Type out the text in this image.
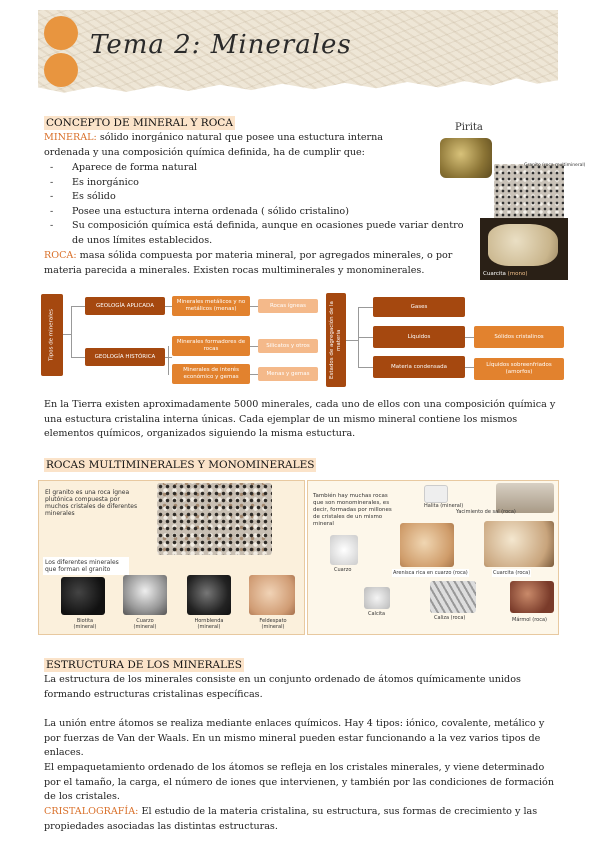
Tema 2: Minerales
CONCEPTO DE MINERAL Y ROCA
MINERAL: sólido inorgánico natural que posee una estuctura interna ordenada y una composición química definida, ha de cumplir que:
- Aparece de forma natural
- Es inorgánico
- Es sólido
- Posee una estuctura interna ordenada ( sólido cristalino)
- Su composición química está definida, aunque en ocasiones puede variar dentro de unos límites establecidos.
ROCA: masa sólida compuesta por materia mineral, por agregados minerales, o por materia parecida a minerales. Existen rocas multiminerales y monominerales.
Pirita
Granito (roca multimineral)
Cuarcita (mono)
Tipos de minerales
GEOLOGÍA APLICADA
GEOLOGÍA HISTÓRICA
Minerales metálicos y no metálicos (menas)
Minerales formadores de rocas
Minerales de interés económico y gemas
Rocas ígneas
Silicatos y otros
Menas y gemas	Estados de agregación de la materia
Gases
Líquidos
Materia condensada
Sólidos cristalinos
Líquidos sobreenfriados (amorfos)
En la Tierra existen aproximadamente 5000 minerales, cada uno de ellos con una composición química y una estuctura cristalina interna únicas. Cada ejemplar de un mismo mineral contiene los mismos elementos químicos, organizados siguiendo la misma estuctura.
ROCAS MULTIMINERALES Y MONOMINERALES
El granito es una roca ígnea plutónica compuesta por muchos cristales de diferentes minerales
Los diferentes minerales que forman el granito
Biotita
(mineral)
Cuarzo
(mineral)
Hornblenda
(mineral)
Feldespato
(mineral)
También hay muchas rocas que son monominerales, es decir, formadas por millones de cristales de un mismo mineral
Halita (mineral)
Yacimiento de sal (roca)
Cuarzo	Arenisca rica en cuarzo (roca)	Cuarcita (roca)
Calcita
Caliza (roca)	Mármol (roca)
ESTRUCTURA DE LOS MINERALES
La estructura de los minerales consiste en un conjunto ordenado de átomos químicamente unidos formando estructuras cristalinas específicas.
La unión entre átomos se realiza mediante enlaces químicos. Hay 4 tipos: iónico, covalente, metálico y por fuerzas de Van der Waals. En un mismo mineral pueden estar funcionando a la vez varios tipos de enlaces.
El empaquetamiento ordenado de los átomos se refleja en los cristales minerales, y viene determinado por el tamaño, la carga, el número de iones que intervienen, y también por las condiciones de formación de los cristales.
CRISTALOGRAFÍA: El estudio de la materia cristalina, su estructura, sus formas de crecimiento y las propiedades asociadas las distintas estructuras.
